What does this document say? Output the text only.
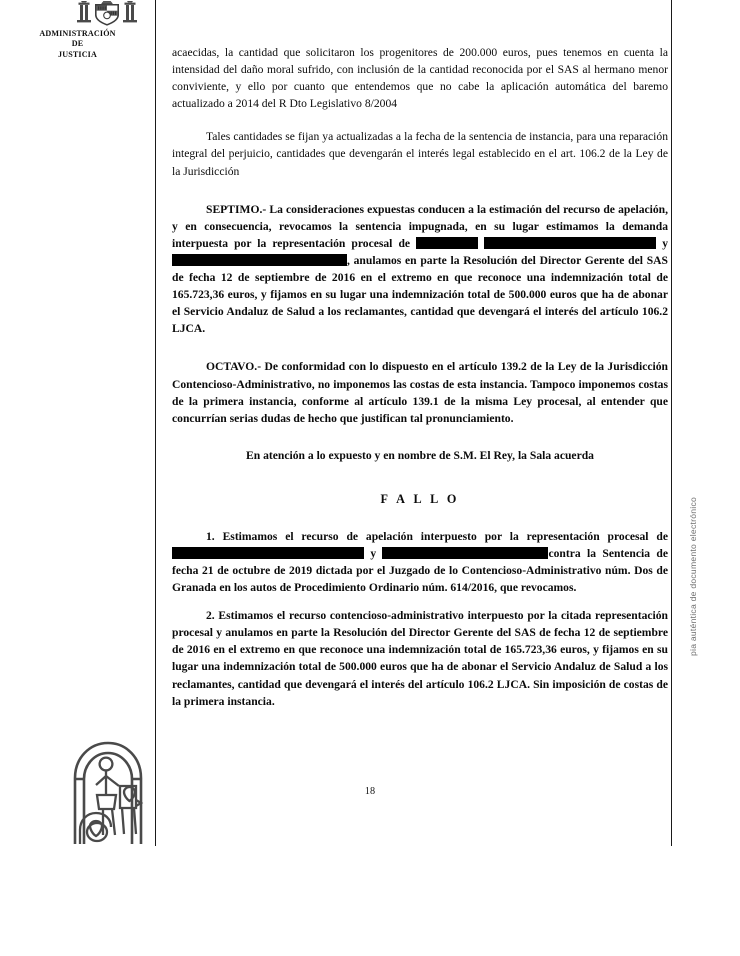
ADMINISTRACIÓN
DE
JUSTICIA
pia auténtica de documento electrónico

acaecidas, la cantidad que solicitaron los progenitores de 200.000 euros, pues tenemos en cuenta la intensidad del daño moral sufrido, con inclusión de la cantidad reconocida por el SAS al hermano menor conviviente, y ello por cuanto que entendemos que no cabe la aplicación automática del baremo actualizado a 2014 del R Dto Legislativo 8/2004

Tales cantidades se fijan ya actualizadas a la fecha de la sentencia de instancia, para una reparación integral del perjuicio, cantidades que devengarán el interés legal establecido en el art. 106.2 de la Ley de la Jurisdicción

SEPTIMO.- La consideraciones expuestas conducen a la estimación del recurso de apelación, y en consecuencia, revocamos la sentencia impugnada, en su lugar estimamos la demanda interpuesta por la representación procesal de	y , anulamos en parte la Resolución del Director Gerente del SAS de fecha 12 de septiembre de 2016 en el extremo en que reconoce una indemnización total de 165.723,36 euros, y fijamos en su lugar una indemnización total de 500.000 euros que ha de abonar el Servicio Andaluz de Salud a los reclamantes, cantidad que devengará el interés del artículo 106.2 LJCA.

OCTAVO.- De conformidad con lo dispuesto en el artículo 139.2 de la Ley de la Jurisdicción Contencioso-Administrativo, no imponemos las costas de esta instancia. Tampoco imponemos costas de la primera instancia, conforme al artículo 139.1 de la misma Ley procesal, al entender que concurrían serias dudas de hecho que justifican tal pronunciamiento.

En atención a lo expuesto y en nombre de S.M. El Rey, la Sala acuerda

F A L L O

1. Estimamos el recurso de apelación interpuesto por la representación procesal de  y	contra la Sentencia de fecha 21 de octubre de 2019 dictada por el Juzgado de lo Contencioso-Administrativo núm. Dos de Granada en los autos de Procedimiento Ordinario núm. 614/2016, que revocamos.

2. Estimamos el recurso contencioso-administrativo interpuesto por la citada representación procesal y anulamos en parte la Resolución del Director Gerente del SAS de fecha 12 de septiembre de 2016 en el extremo en que reconoce una indemnización total de 165.723,36 euros, y fijamos en su lugar una indemnización total de 500.000 euros que ha de abonar el Servicio Andaluz de Salud a los reclamantes, cantidad que devengará el interés del artículo 106.2 LJCA. Sin imposición de costas de la primera instancia.

18
